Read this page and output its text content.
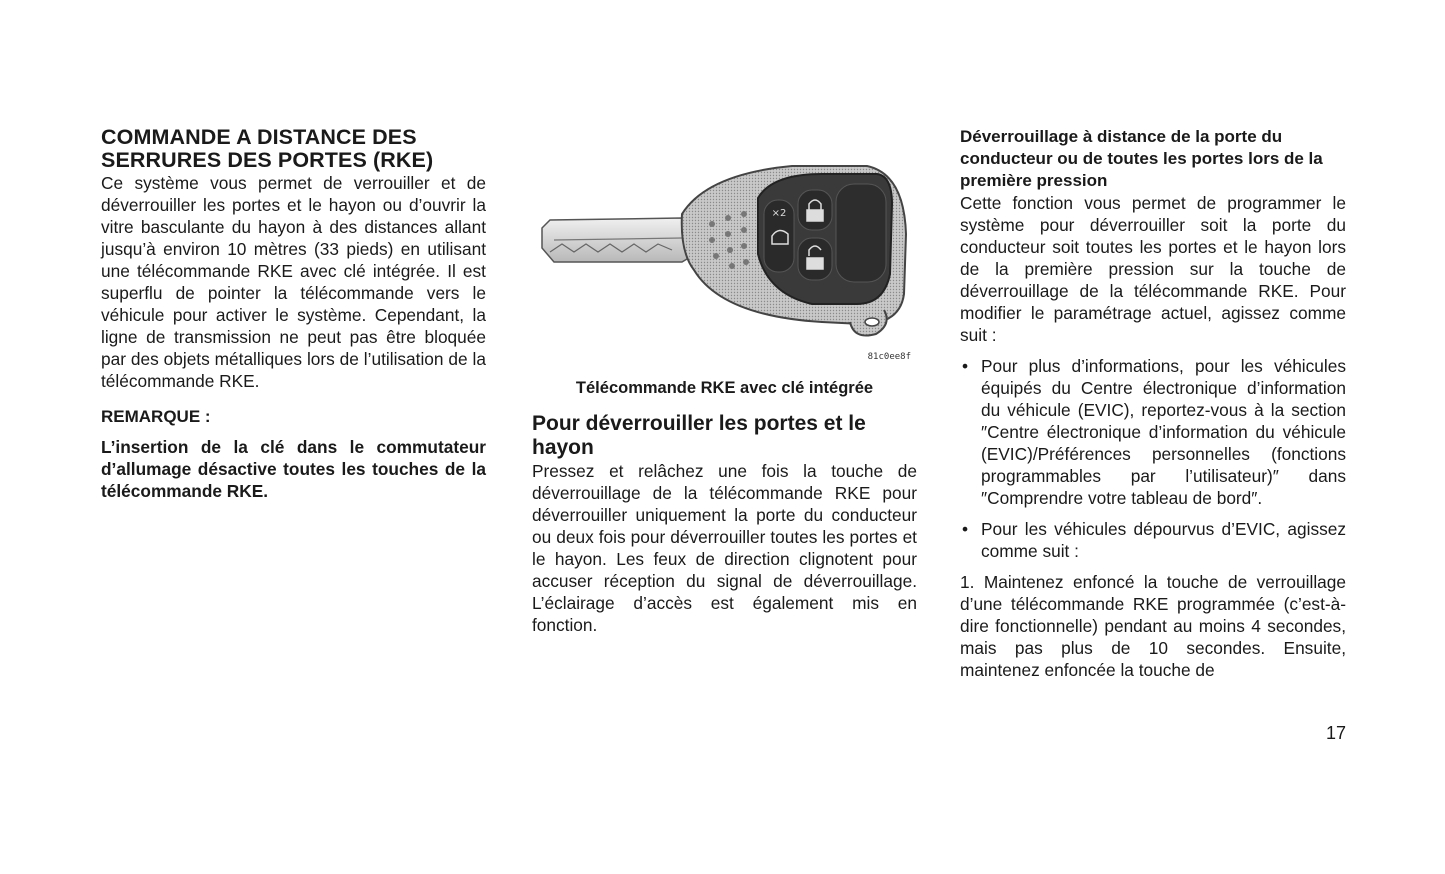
COMMANDE A DISTANCE DES
SERRURES DES PORTES (RKE)

Ce système vous permet de verrouiller et de déverrouiller les portes et le hayon ou d’ouvrir la vitre basculante du hayon à des distances allant jusqu’à environ 10 mètres (33 pieds) en utilisant une télécommande RKE avec clé intégrée. Il est superflu de pointer la télécommande vers le véhicule pour activer le système. Cependant, la ligne de transmission ne peut pas être bloquée par des objets métalliques lors de l’utilisation de la télécommande RKE.

REMARQUE :

L’insertion de la clé dans le commutateur d’allumage désactive toutes les touches de la télécommande RKE.

×2
81c0ee8f
Télécommande RKE avec clé intégrée
Pour déverrouiller les portes et le hayon

Pressez et relâchez une fois la touche de déverrouillage de la télécommande RKE pour déverrouiller uniquement la porte du conducteur ou deux fois pour déverrouiller toutes les portes et le hayon. Les feux de direction clignotent pour accuser réception du signal de déverrouillage. L’éclairage d’accès est également mis en fonction.

Déverrouillage à distance de la porte du conducteur ou de toutes les portes lors de la première pression

Cette fonction vous permet de programmer le système pour déverrouiller soit la porte du conducteur soit toutes les portes et le hayon lors de la première pression sur la touche de déverrouillage de la télécommande RKE. Pour modifier le paramétrage actuel, agissez comme suit :

• Pour plus d’informations, pour les véhicules équipés du Centre électronique d’information du véhicule (EVIC), reportez-vous à la section ″Centre électronique d’information du véhicule (EVIC)/Préférences personnelles (fonctions programmables par l’utilisateur)″ dans ″Comprendre votre tableau de bord″.
• Pour les véhicules dépourvus d’EVIC, agissez comme suit :

1. Maintenez enfoncé la touche de verrouillage d’une télécommande RKE programmée (c’est-à-dire fonctionnelle) pendant au moins 4 secondes, mais pas plus de 10 secondes. Ensuite, maintenez enfoncée la touche de

17
